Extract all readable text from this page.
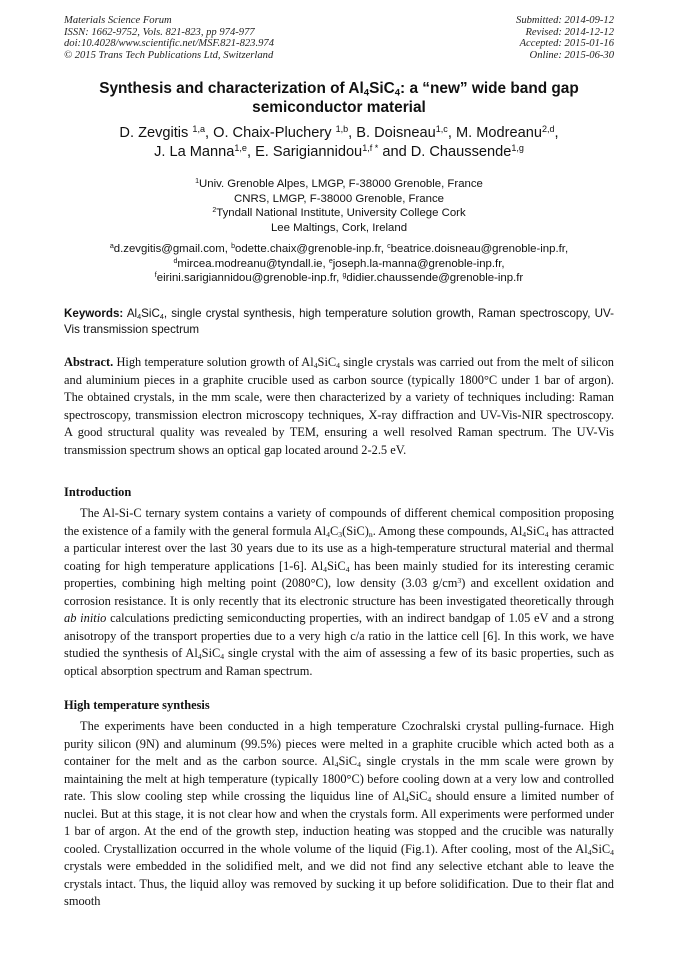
Materials Science Forum
ISSN: 1662-9752, Vols. 821-823, pp 974-977
doi:10.4028/www.scientific.net/MSF.821-823.974
© 2015 Trans Tech Publications Ltd, Switzerland
Submitted: 2014-09-12
Revised: 2014-12-12
Accepted: 2015-01-16
Online: 2015-06-30
Synthesis and characterization of $Al_4SiC_4$: a “new” wide band gap semiconductor material
D. Zevgitis $^{1,a}$, O. Chaix-Pluchery $^{1,b}$, B. Doisneau$^{1,c}$, M. Modreanu$^{2,d}$,
J. La Manna$^{1,e}$, E. Sarigiannidou$^{1,f *}$ and D. Chaussende$^{1,g}$
$^1$Univ. Grenoble Alpes, LMGP, F-38000 Grenoble, France
CNRS, LMGP, F-38000 Grenoble, France
$^2$Tyndall National Institute, University College Cork
Lee Maltings, Cork, Ireland
$^a$d.zevgitis@gmail.com, $^b$odette.chaix@grenoble-inp.fr, $^c$beatrice.doisneau@grenoble-inp.fr,
$^d$mircea.modreanu@tyndall.ie, $^e$joseph.la-manna@grenoble-inp.fr,
$^f$eirini.sarigiannidou@grenoble-inp.fr, $^g$didier.chaussende@grenoble-inp.fr
Keywords: $Al_4SiC_4$, single crystal synthesis, high temperature solution growth, Raman spectroscopy, UV-Vis transmission spectrum
Abstract. High temperature solution growth of $Al_4SiC_4$ single crystals was carried out from the melt of silicon and aluminium pieces in a graphite crucible used as carbon source (typically 1800°C under 1 bar of argon). The obtained crystals, in the mm scale, were then characterized by a variety of techniques including: Raman spectroscopy, transmission electron microscopy techniques, X-ray diffraction and UV-Vis-NIR spectroscopy. A good structural quality was revealed by TEM, ensuring a well resolved Raman spectrum. The UV-Vis transmission spectrum shows an optical gap located around 2-2.5 eV.
Introduction
The Al-Si-C ternary system contains a variety of compounds of different chemical composition proposing the existence of a family with the general formula $Al_4C_3(SiC)_n$. Among these compounds, $Al_4SiC_4$ has attracted a particular interest over the last 30 years due to its use as a high-temperature structural material and thermal coating for high temperature applications [1-6]. $Al_4SiC_4$ has been mainly studied for its interesting ceramic properties, combining high melting point (2080°C), low density (3.03 $g/cm^3$) and excellent oxidation and corrosion resistance. It is only recently that its electronic structure has been investigated theoretically through ab initio calculations predicting semiconducting properties, with an indirect bandgap of 1.05 eV and a strong anisotropy of the transport properties due to a very high c/a ratio in the lattice cell [6]. In this work, we have studied the synthesis of $Al_4SiC_4$ single crystal with the aim of assessing a few of its basic properties, such as optical absorption spectrum and Raman spectrum.
High temperature synthesis
The experiments have been conducted in a high temperature Czochralski crystal pulling-furnace. High purity silicon (9N) and aluminum (99.5%) pieces were melted in a graphite crucible which acted both as a container for the melt and as the carbon source. $Al_4SiC_4$ single crystals in the mm scale were grown by maintaining the melt at high temperature (typically 1800°C) before cooling down at a very low and controlled rate. This slow cooling step while crossing the liquidus line of $Al_4SiC_4$ should ensure a limited number of nuclei. But at this stage, it is not clear how and when the crystals form. All experiments were performed under 1 bar of argon. At the end of the growth step, induction heating was stopped and the crucible was naturally cooled. Crystallization occurred in the whole volume of the liquid (Fig.1). After cooling, most of the $Al_4SiC_4$ crystals were embedded in the solidified melt, and we did not find any selective etchant able to leave the crystals intact. Thus, the liquid alloy was removed by sucking it up before solidification. Due to their flat and smooth
